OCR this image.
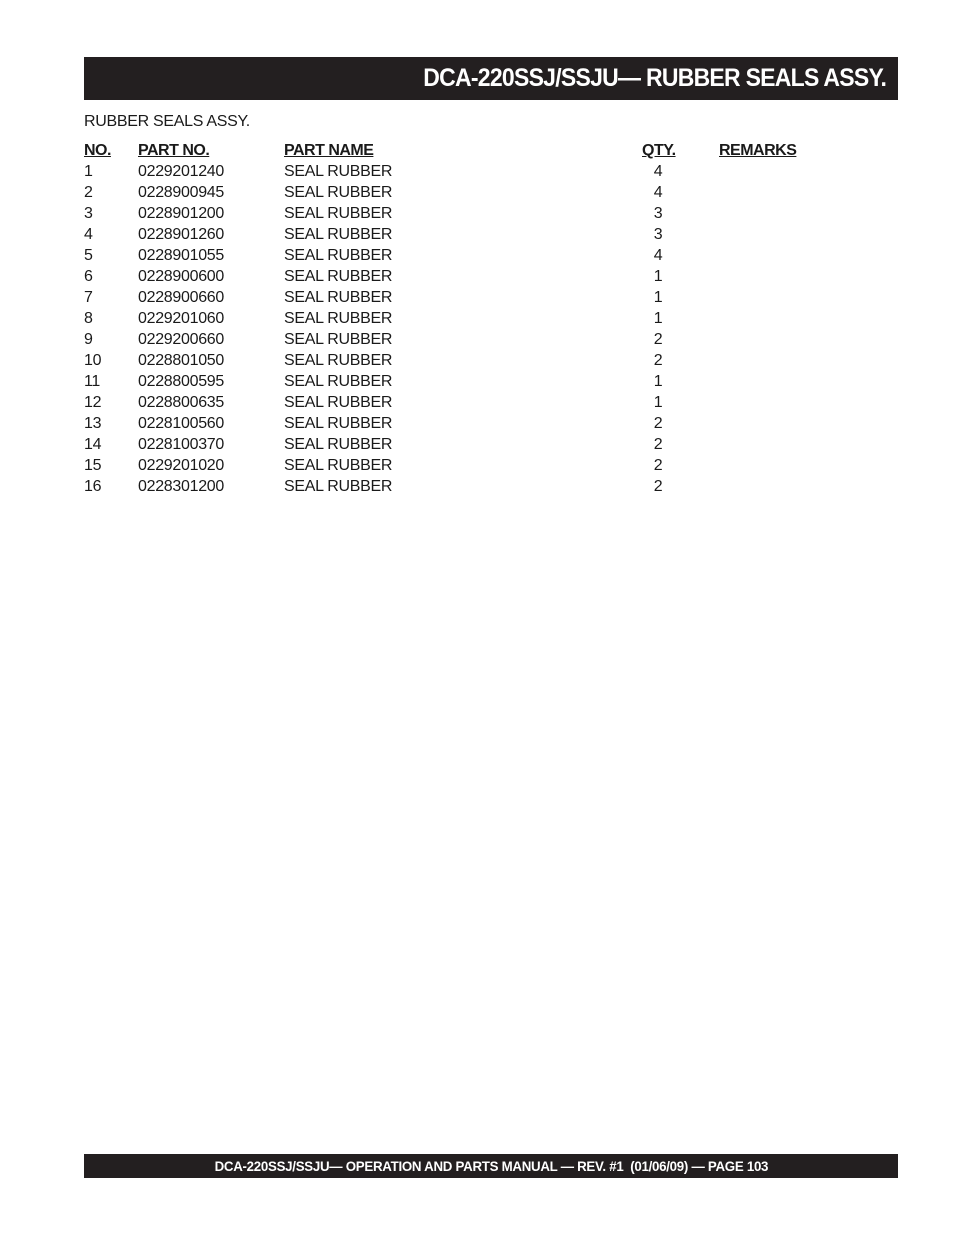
DCA-220SSJ/SSJU— RUBBER SEALS ASSY.
RUBBER SEALS ASSY.
NO. PART NO.	PART NAME	QTY.	REMARKS
1	0229201240	SEAL RUBBER	4
2	0228900945	SEAL RUBBER	4
3	0228901200	SEAL RUBBER	3
4	0228901260	SEAL RUBBER	3
5	0228901055	SEAL RUBBER	4
6	0228900600	SEAL RUBBER	1
7	0228900660	SEAL RUBBER	1
8	0229201060	SEAL RUBBER	1
9	0229200660	SEAL RUBBER	2
10 0228801050	SEAL RUBBER	2
11 0228800595	SEAL RUBBER	1
12 0228800635	SEAL RUBBER	1
13 0228100560	SEAL RUBBER	2
14 0228100370	SEAL RUBBER	2
15 0229201020	SEAL RUBBER	2
16 0228301200	SEAL RUBBER	2
DCA-220SSJ/SSJU— OPERATION AND PARTS MANUAL — REV. #1  (01/06/09) — PAGE 103
